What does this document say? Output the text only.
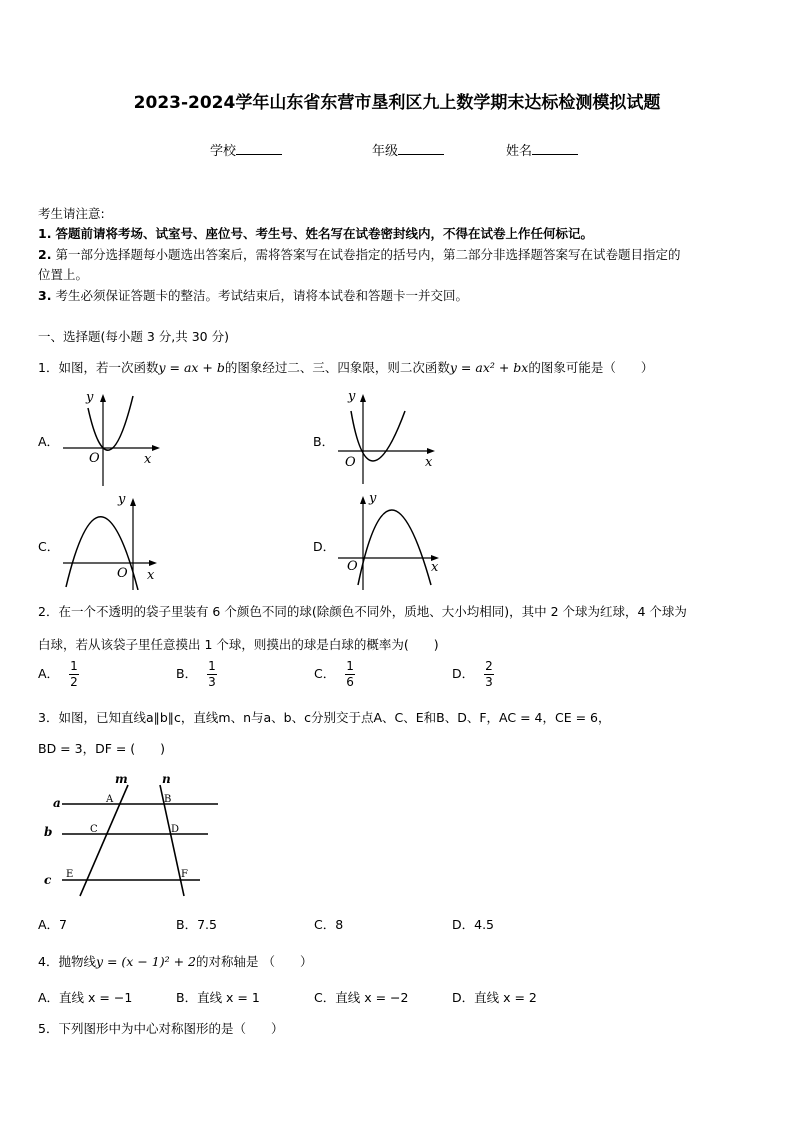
2023-2024学年山东省东营市垦利区九上数学期末达标检测模拟试题
学校	年级	姓名
考生请注意:
1. 答题前请将考场、试室号、座位号、考生号、姓名写在试卷密封线内，不得在试卷上作任何标记。
2. 第一部分选择题每小题选出答案后，需将答案写在试卷指定的括号内，第二部分非选择题答案写在试卷题目指定的
位置上。
3. 考生必须保证答题卡的整洁。考试结束后，请将本试卷和答题卡一并交回。
一、选择题(每小题 3 分,共 30 分)
1．如图，若一次函数y = ax + b的图象经过二、三、四象限，则二次函数y = ax² + bx的图象可能是（　　）
A．	B．
C．	D．
x
y
O	x
y
O
x
y
O	x
y
O
2．在一个不透明的袋子里装有 6 个颜色不同的球(除颜色不同外，质地、大小均相同)，其中 2 个球为红球，4 个球为
白球，若从该袋子里任意摸出 1 个球，则摸出的球是白球的概率为(　　)
A． $\frac{1}{2}$	B． $\frac{1}{3}$	C． $\frac{1}{6}$	D． $\frac{2}{3}$
3．如图，已知直线a∥b∥c，直线m、n与a、b、c分别交于点A、C、E和B、D、F，AC = 4，CE = 6，
BD = 3，DF = (　　)
m	n
a
b
c
A	B
C	D
E	F
A．7	B．7.5	C．8	D．4.5
4．抛物线y = (x − 1)² + 2的对称轴是 （　　）
A．直线 x = −1	B．直线 x = 1	C．直线 x = −2	D．直线 x = 2
5．下列图形中为中心对称图形的是（　　）
